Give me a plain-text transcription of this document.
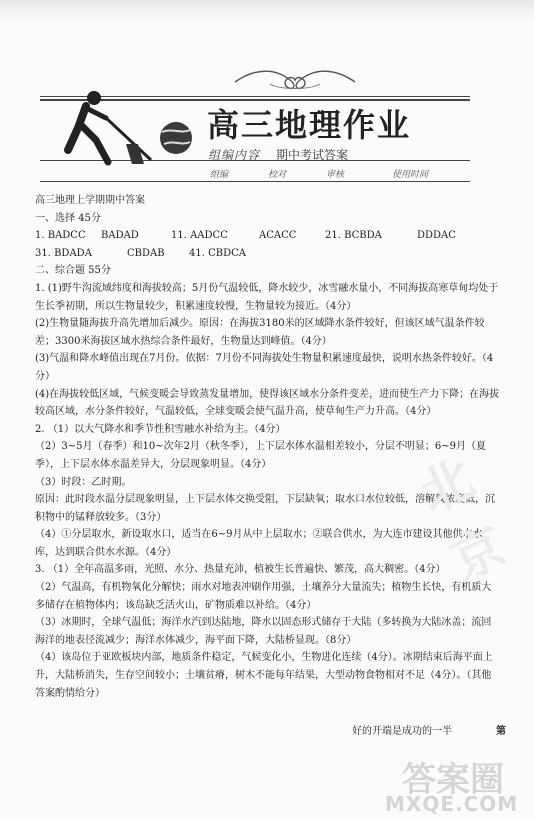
高三地理作业
组编内容 期中考试答案
组编	校对	审核	使用时间
高三地理上学期期中答案
一、选择 45分
1. BADCC BADAD	11. AADCC	ACACC	21. BCBDA	DDDAC
31. BDADA	CBDAB 41. CBDCA
二、综合题 55分
1. (1)野牛沟流域纬度和海拔较高；5月份气温较低，降水较少，冰雪融水量小，不同海拔高寒草甸均处于生长季初期，所以生物量较少，积累速度较慢，生物量较为接近。（4分）
(2)生物量随海拔升高先增加后减少。原因：在海拔3180米的区域降水条件较好，但该区域气温条件较差；3300米海拔区域水热综合条件最好，生物量达到峰值。（4分）
(3)气温和降水峰值出现在7月份。依据：7月份不同海拔处生物量积累速度最快，说明水热条件较好。（4分）
(4)在海拔较低区域，气候变暖会导致蒸发量增加，使得该区域水分条件变差，进而使生产力下降；在海拔较高区域，水分条件较好，气温较低，全球变暖会使气温升高，使草甸生产力升高。（4分）
2. （1）以大气降水和季节性积雪融水补给为主。（4分）
（2）3~5月（春季）和10~次年2月（秋冬季），上下层水体水温相差较小，分层不明显；6~9月（夏季），上下层水体水温差异大，分层现象明显。（4分）
（3）时段：乙时期。
原因：此时段水温分层现象明显，上下层水体交换受阻，下层缺氧；取水口水位较低，溶解氧浓度低，沉积物中的锰释放较多。（3分）
（4）①分层取水，新设取水口，适当在6~9月从中上层取水；②联合供水，为大连市建设其他供水水库，达到联合供水水源。（4分）
3. （1）全年高温多雨，光照、水分、热量充沛，植被生长普遍快、繁茂，高大稠密。（4分）
（2）气温高，有机物氧化分解快；雨水对地表冲刷作用强，土壤养分大量流失；植物生长快，有机质大多储存在植物体内；该岛缺乏活火山，矿物质难以补给。（4分）
（3）冰期时，全球气温低；海洋水汽到达陆地，降水以固态形式储存于大陆（多转换为大陆冰盖；流回海洋的地表径流减少；海洋水体减少，海平面下降，大陆桥显现。（8分）
（4）该岛位于亚欧板块内部，地质条件稳定，气候变化小，生物进化连续（4分）。冰期结束后海平面上升，大陆桥消失，生存空间较小；土壤贫瘠，树木不能每年结果，大型动物食物相对不足（4分）。（其他答案酌情给分）
好的开端是成功的一半	第
北京
答案圈
MXQE.COM
